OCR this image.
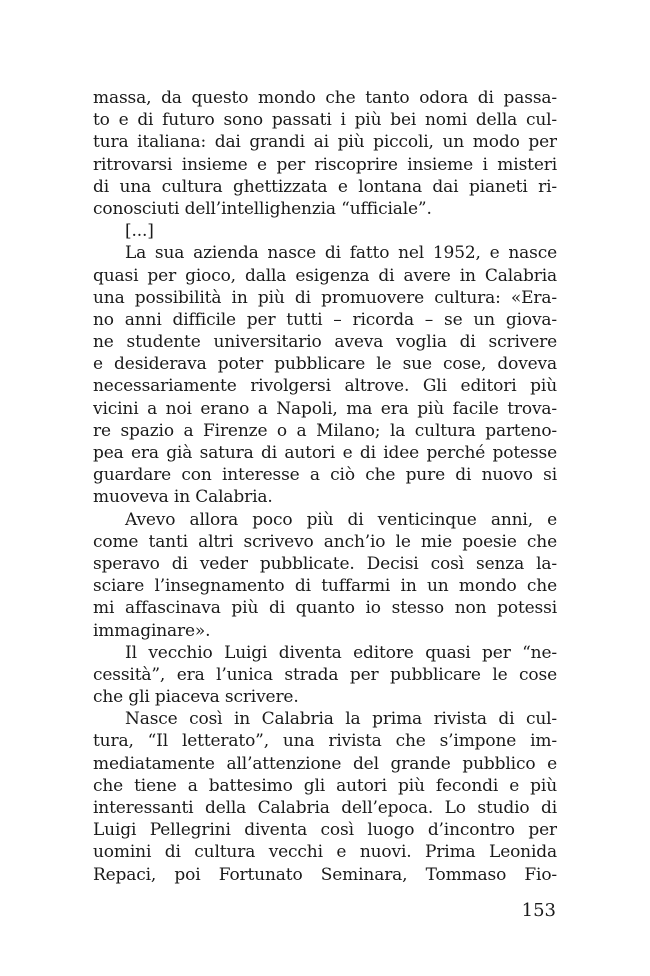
massa, da questo mondo che tanto odora di passa-
to e di futuro sono passati i più bei nomi della cul-
tura italiana: dai grandi ai più piccoli, un modo per
ritrovarsi insieme e per riscoprire insieme i misteri
di una cultura ghettizzata e lontana dai pianeti ri-
conosciuti dell’intellighenzia “ufficiale”.
[...]
La sua azienda nasce di fatto nel 1952, e nasce
quasi per gioco, dalla esigenza di avere in Calabria
una possibilità in più di promuovere cultura: «Era-
no anni difficile per tutti – ricorda – se un giova-
ne studente universitario aveva voglia di scrivere
e desiderava poter pubblicare le sue cose, doveva
necessariamente rivolgersi altrove. Gli editori più
vicini a noi erano a Napoli, ma era più facile trova-
re spazio a Firenze o a Milano; la cultura parteno-
pea era già satura di autori e di idee perché potesse
guardare con interesse a ciò che pure di nuovo si
muoveva in Calabria.
Avevo allora poco più di venticinque anni, e
come tanti altri scrivevo anch’io le mie poesie che
speravo di veder pubblicate. Decisi così senza la-
sciare l’insegnamento di tuffarmi in un mondo che
mi affascinava più di quanto io stesso non potessi
immaginare».
Il vecchio Luigi diventa editore quasi per “ne-
cessità”, era l’unica strada per pubblicare le cose
che gli piaceva scrivere.
Nasce così in Calabria la prima rivista di cul-
tura, “Il letterato”, una rivista che s’impone im-
mediatamente all’attenzione del grande pubblico e
che tiene a battesimo gli autori più fecondi e più
interessanti della Calabria dell’epoca. Lo studio di
Luigi Pellegrini diventa così luogo d’incontro per
uomini di cultura vecchi e nuovi. Prima Leonida
Repaci, poi Fortunato Seminara, Tommaso Fio-
153
